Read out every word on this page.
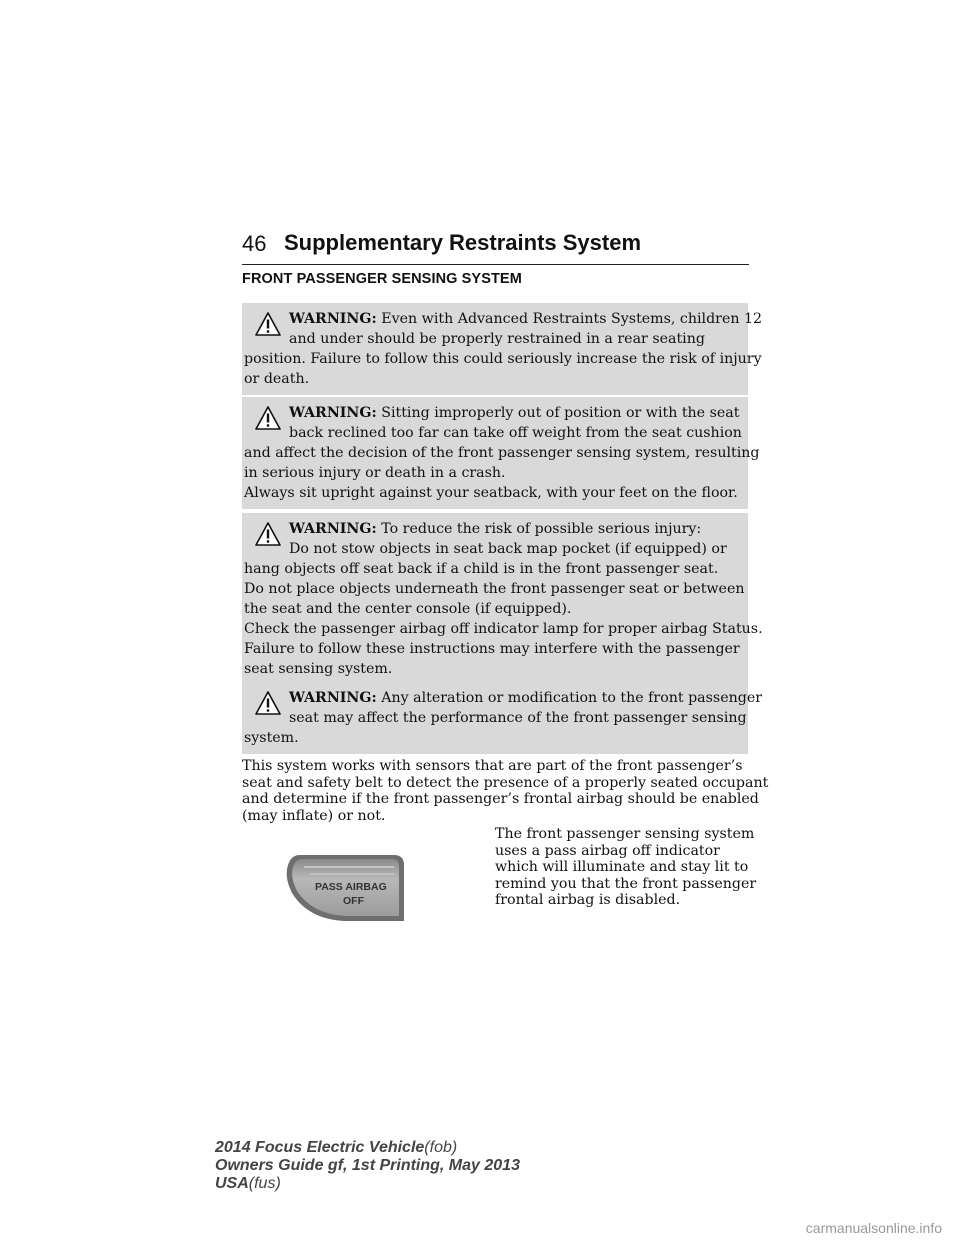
46 Supplementary Restraints System
FRONT PASSENGER SENSING SYSTEM
WARNING: Even with Advanced Restraints Systems, children 12
and under should be properly restrained in a rear seating
position. Failure to follow this could seriously increase the risk of injury
or death.
WARNING: Sitting improperly out of position or with the seat
back reclined too far can take off weight from the seat cushion
and affect the decision of the front passenger sensing system, resulting
in serious injury or death in a crash.
Always sit upright against your seatback, with your feet on the floor.
WARNING: To reduce the risk of possible serious injury:
Do not stow objects in seat back map pocket (if equipped) or
hang objects off seat back if a child is in the front passenger seat.
Do not place objects underneath the front passenger seat or between
the seat and the center console (if equipped).
Check the passenger airbag off indicator lamp for proper airbag Status.
Failure to follow these instructions may interfere with the passenger
seat sensing system.
WARNING: Any alteration or modification to the front passenger
seat may affect the performance of the front passenger sensing
system.
This system works with sensors that are part of the front passenger’s
seat and safety belt to detect the presence of a properly seated occupant
and determine if the front passenger’s frontal airbag should be enabled
(may inflate) or not.
The front passenger sensing system
uses a pass airbag off indicator
which will illuminate and stay lit to
remind you that the front passenger
frontal airbag is disabled.
PASS AIRBAG
OFF
2014 Focus Electric Vehicle(fob)
Owners Guide gf, 1st Printing, May 2013
USA(fus)
carmanualsonline.info
